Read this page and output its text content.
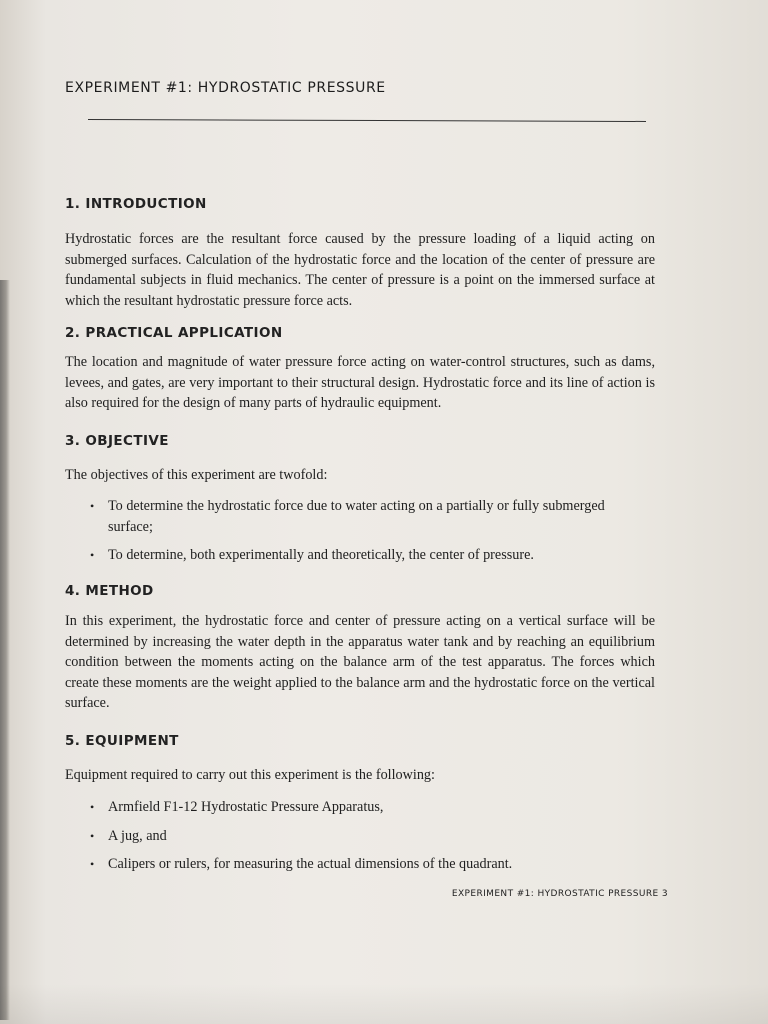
EXPERIMENT #1: HYDROSTATIC PRESSURE
1. INTRODUCTION

Hydrostatic forces are the resultant force caused by the pressure loading of a liquid acting on submerged surfaces. Calculation of the hydrostatic force and the location of the center of pressure are fundamental subjects in fluid mechanics. The center of pressure is a point on the immersed surface at which the resultant hydrostatic pressure force acts.

2. PRACTICAL APPLICATION

The location and magnitude of water pressure force acting on water-control structures, such as dams, levees, and gates, are very important to their structural design. Hydrostatic force and its line of action is also required for the design of many parts of hydraulic equipment.

3. OBJECTIVE

The objectives of this experiment are twofold:

• To determine the hydrostatic force due to water acting on a partially or fully submerged surface;
• To determine, both experimentally and theoretically, the center of pressure.
4. METHOD

In this experiment, the hydrostatic force and center of pressure acting on a vertical surface will be determined by increasing the water depth in the apparatus water tank and by reaching an equilibrium condition between the moments acting on the balance arm of the test apparatus. The forces which create these moments are the weight applied to the balance arm and the hydrostatic force on the vertical surface.

5. EQUIPMENT

Equipment required to carry out this experiment is the following:

• Armfield F1-12 Hydrostatic Pressure Apparatus,
• A jug, and
• Calipers or rulers, for measuring the actual dimensions of the quadrant.
EXPERIMENT #1: HYDROSTATIC PRESSURE 3
